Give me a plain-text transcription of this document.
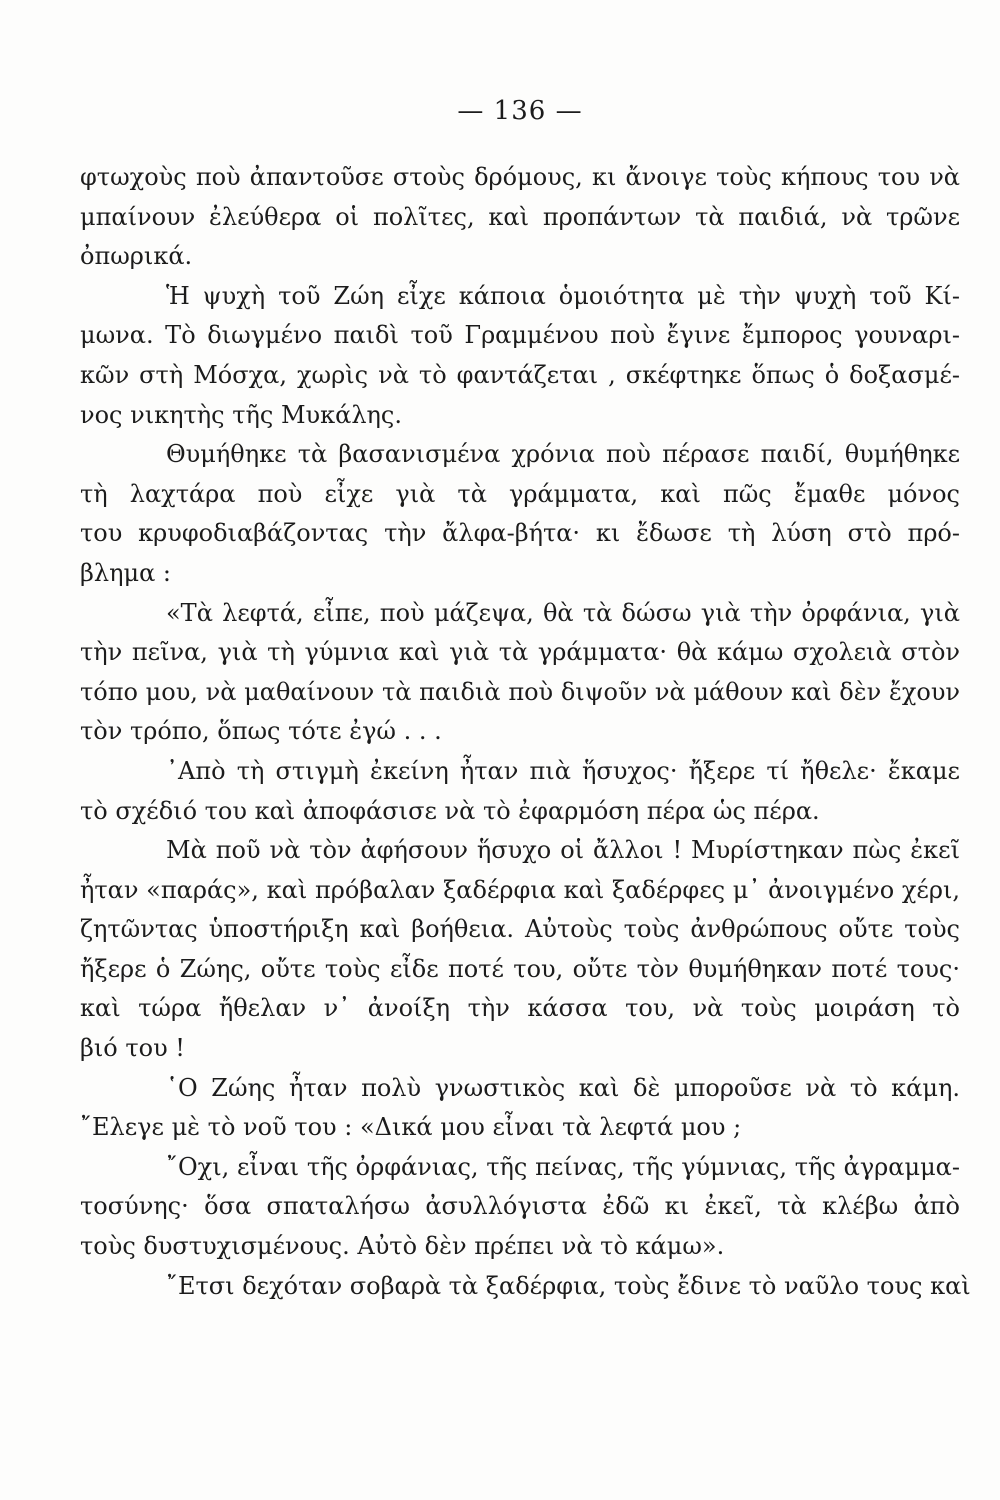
— 136 —
φτωχοὺς ποὺ ἀπαντοῦσε στοὺς δρόμους, κι ἄνοιγε τοὺς κήπους του νὰ
μπαίνουν ἐλεύθερα οἱ πολῖτες, καὶ προπάντων τὰ παιδιά, νὰ τρῶνε
ὀπωρικά.
Ἡ ψυχὴ τοῦ Ζώη εἶχε κάποια ὁμοιότητα μὲ τὴν ψυχὴ τοῦ Κί-
μωνα. Τὸ διωγμένο παιδὶ τοῦ Γραμμένου ποὺ ἔγινε ἔμπορος γουναρι-
κῶν στὴ Μόσχα, χωρὶς νὰ τὸ φαντάζεται , σκέφτηκε ὅπως ὁ δοξασμέ-
νος νικητὴς τῆς Μυκάλης.
Θυμήθηκε τὰ βασανισμένα χρόνια ποὺ πέρασε παιδί, θυμήθηκε
τὴ λαχτάρα ποὺ εἶχε γιὰ τὰ γράμματα, καὶ πῶς ἔμαθε μόνος
του κρυφοδιαβάζοντας τὴν ἄλφα-βήτα· κι ἔδωσε τὴ λύση στὸ πρό-
βλημα :
«Τὰ λεφτά, εἶπε, ποὺ μάζεψα, θὰ τὰ δώσω γιὰ τὴν ὀρφάνια, γιὰ
τὴν πεῖνα, γιὰ τὴ γύμνια καὶ γιὰ τὰ γράμματα· θὰ κάμω σχολειὰ στὸν
τόπο μου, νὰ μαθαίνουν τὰ παιδιὰ ποὺ διψοῦν νὰ μάθουν καὶ δὲν ἔχουν
τὸν τρόπο, ὅπως τότε ἐγώ . . .
᾿Απὸ τὴ στιγμὴ ἐκείνη ἦταν πιὰ ἥσυχος· ἤξερε τί ἤθελε· ἔκαμε
τὸ σχέδιό του καὶ ἀποφάσισε νὰ τὸ ἐφαρμόση πέρα ὡς πέρα.
Μὰ ποῦ νὰ τὸν ἀφήσουν ἥσυχο οἱ ἄλλοι ! Μυρίστηκαν πὼς ἐκεῖ
ἦταν «παράς», καὶ πρόβαλαν ξαδέρφια καὶ ξαδέρφες μ᾿ ἀνοιγμένο χέρι,
ζητῶντας ὑποστήριξη καὶ βοήθεια. Αὐτοὺς τοὺς ἀνθρώπους οὔτε τοὺς
ἤξερε ὁ Ζώης, οὔτε τοὺς εἶδε ποτέ του, οὔτε τὸν θυμήθηκαν ποτέ τους·
καὶ τώρα ἤθελαν ν᾿ ἀνοίξη τὴν κάσσα του, νὰ τοὺς μοιράση τὸ
βιό του !
῾Ο Ζώης ἦταν πολὺ γνωστικὸς καὶ δὲ μποροῦσε νὰ τὸ κάμη.
῎Ελεγε μὲ τὸ νοῦ του : «Δικά μου εἶναι τὰ λεφτά μου ;
῎Οχι, εἶναι τῆς ὀρφάνιας, τῆς πείνας, τῆς γύμνιας, τῆς ἀγραμμα-
τοσύνης· ὅσα σπαταλήσω ἀσυλλόγιστα ἐδῶ κι ἐκεῖ, τὰ κλέβω ἀπὸ
τοὺς δυστυχισμένους. Αὐτὸ δὲν πρέπει νὰ τὸ κάμω».
῎Ετσι δεχόταν σοβαρὰ τὰ ξαδέρφια, τοὺς ἔδινε τὸ ναῦλο τους καὶ
